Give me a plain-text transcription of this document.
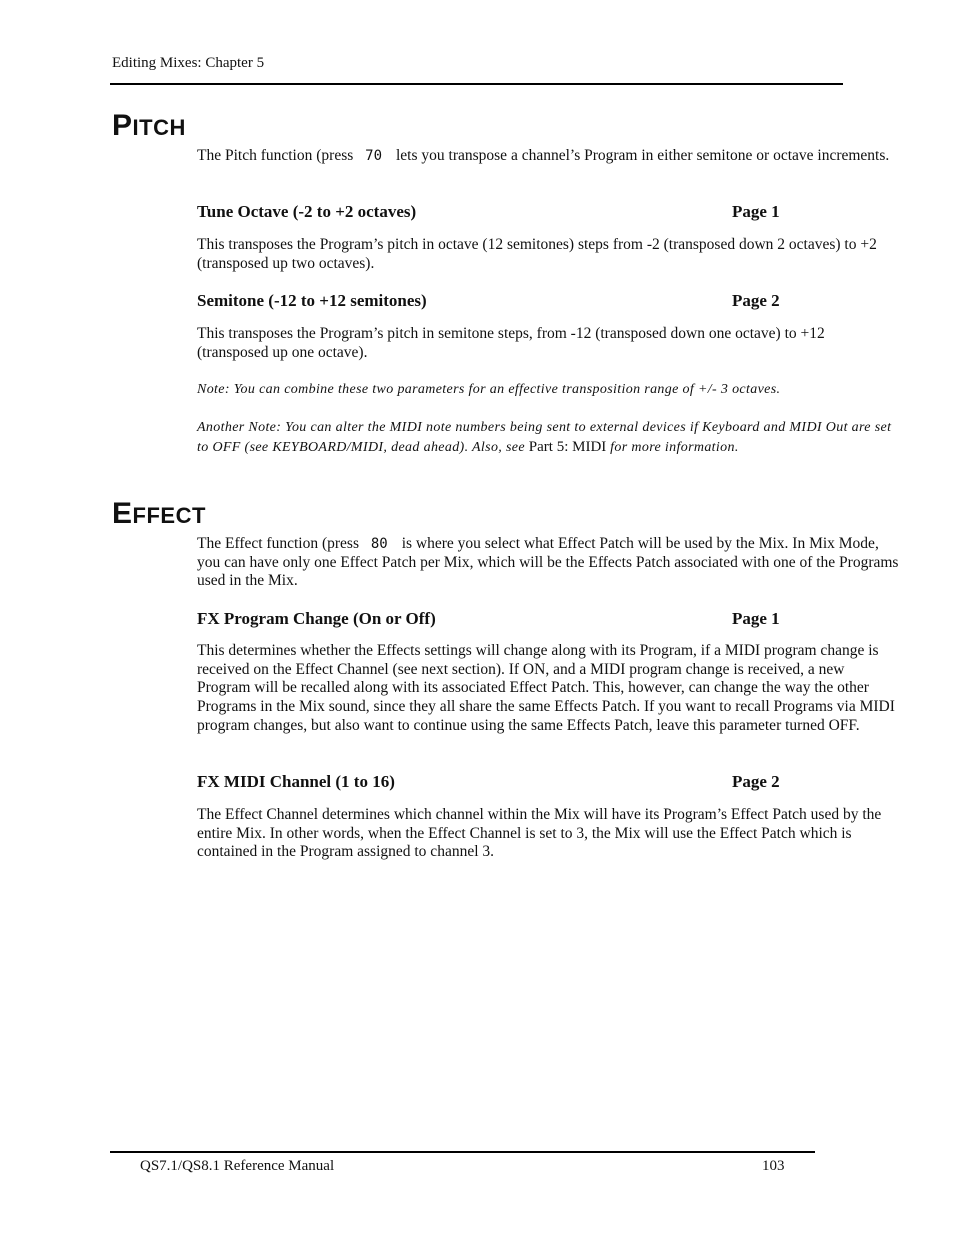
Editing Mixes: Chapter 5
PITCH
The Pitch function (press 70 lets you transpose a channel’s Program in either semitone or octave increments.
Tune Octave (-2 to +2 octaves)	Page 1
This transposes the Program’s pitch in octave (12 semitones) steps from -2 (transposed down 2 octaves) to +2 (transposed up two octaves).
Semitone (-12 to +12 semitones)	Page 2
This transposes the Program’s pitch in semitone steps, from -12 (transposed down one octave) to +12 (transposed up one octave).
Note: You can combine these two parameters for an effective transposition range of +/- 3 octaves.
Another Note: You can alter the MIDI note numbers being sent to external devices if Keyboard and MIDI Out are set to OFF (see KEYBOARD/MIDI, dead ahead). Also, see Part 5: MIDI for more information.
EFFECT
The Effect function (press 80 is where you select what Effect Patch will be used by the Mix. In Mix Mode, you can have only one Effect Patch per Mix, which will be the Effects Patch associated with one of the Programs used in the Mix.
FX Program Change (On or Off)	Page 1
This determines whether the Effects settings will change along with its Program, if a MIDI program change is received on the Effect Channel (see next section). If ON, and a MIDI program change is received, a new Program will be recalled along with its associated Effect Patch. This, however, can change the way the other Programs in the Mix sound, since they all share the same Effects Patch. If you want to recall Programs via MIDI program changes, but also want to continue using the same Effects Patch, leave this parameter turned OFF.
FX MIDI Channel (1 to 16)	Page 2
The Effect Channel determines which channel within the Mix will have its Program’s Effect Patch used by the entire Mix. In other words, when the Effect Channel is set to 3, the Mix will use the Effect Patch which is contained in the Program assigned to channel 3.
QS7.1/QS8.1 Reference Manual	103
